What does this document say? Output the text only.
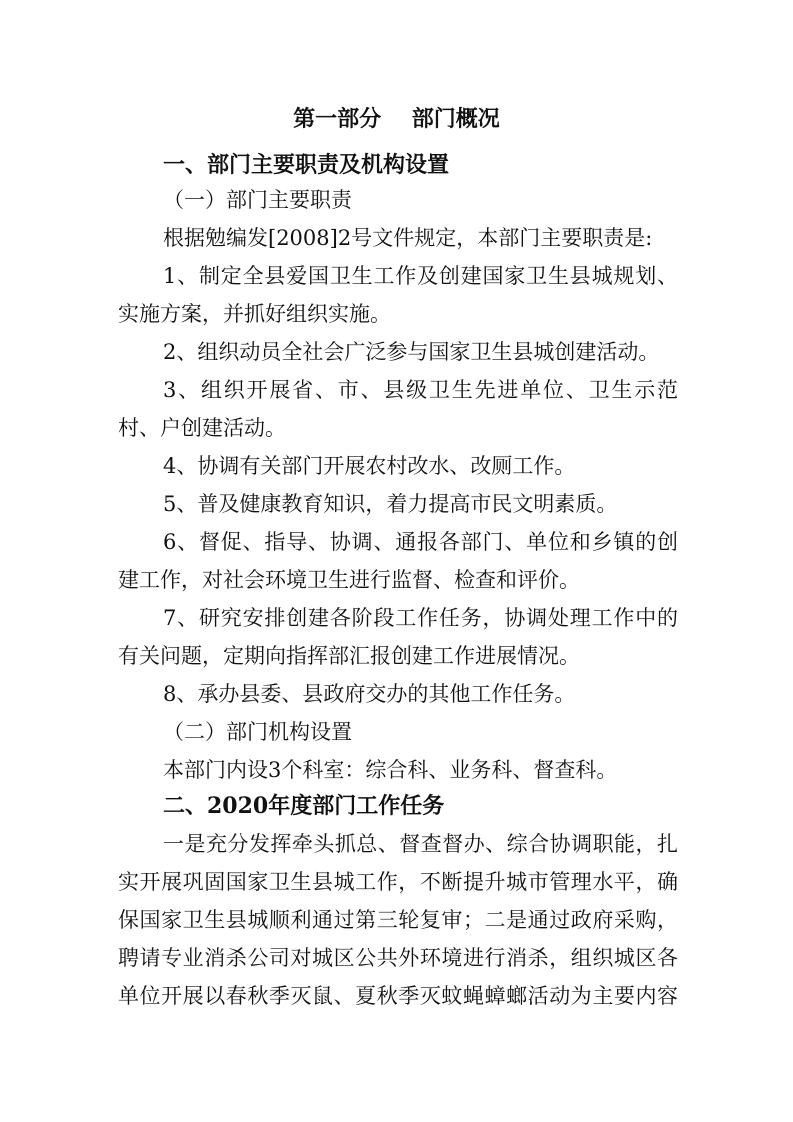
第一部分    部门概况
一、部门主要职责及机构设置
（一）部门主要职责
根据勉编发[2008]2号文件规定，本部门主要职责是:
1、制定全县爱国卫生工作及创建国家卫生县城规划、
实施方案，并抓好组织实施。
2、组织动员全社会广泛参与国家卫生县城创建活动。
3、组织开展省、市、县级卫生先进单位、卫生示范
村、户创建活动。
4、协调有关部门开展农村改水、改厕工作。
5、普及健康教育知识，着力提高市民文明素质。
6、督促、指导、协调、通报各部门、单位和乡镇的创
建工作，对社会环境卫生进行监督、检查和评价。
7、研究安排创建各阶段工作任务，协调处理工作中的
有关问题，定期向指挥部汇报创建工作进展情况。
8、承办县委、县政府交办的其他工作任务。
（二）部门机构设置
本部门内设3个科室：综合科、业务科、督查科。
二、2020年度部门工作任务
一是充分发挥牵头抓总、督查督办、综合协调职能，扎
实开展巩固国家卫生县城工作，不断提升城市管理水平，确
保国家卫生县城顺利通过第三轮复审；二是通过政府采购，
聘请专业消杀公司对城区公共外环境进行消杀，组织城区各
单位开展以春秋季灭鼠、夏秋季灭蚊蝇蟑螂活动为主要内容
